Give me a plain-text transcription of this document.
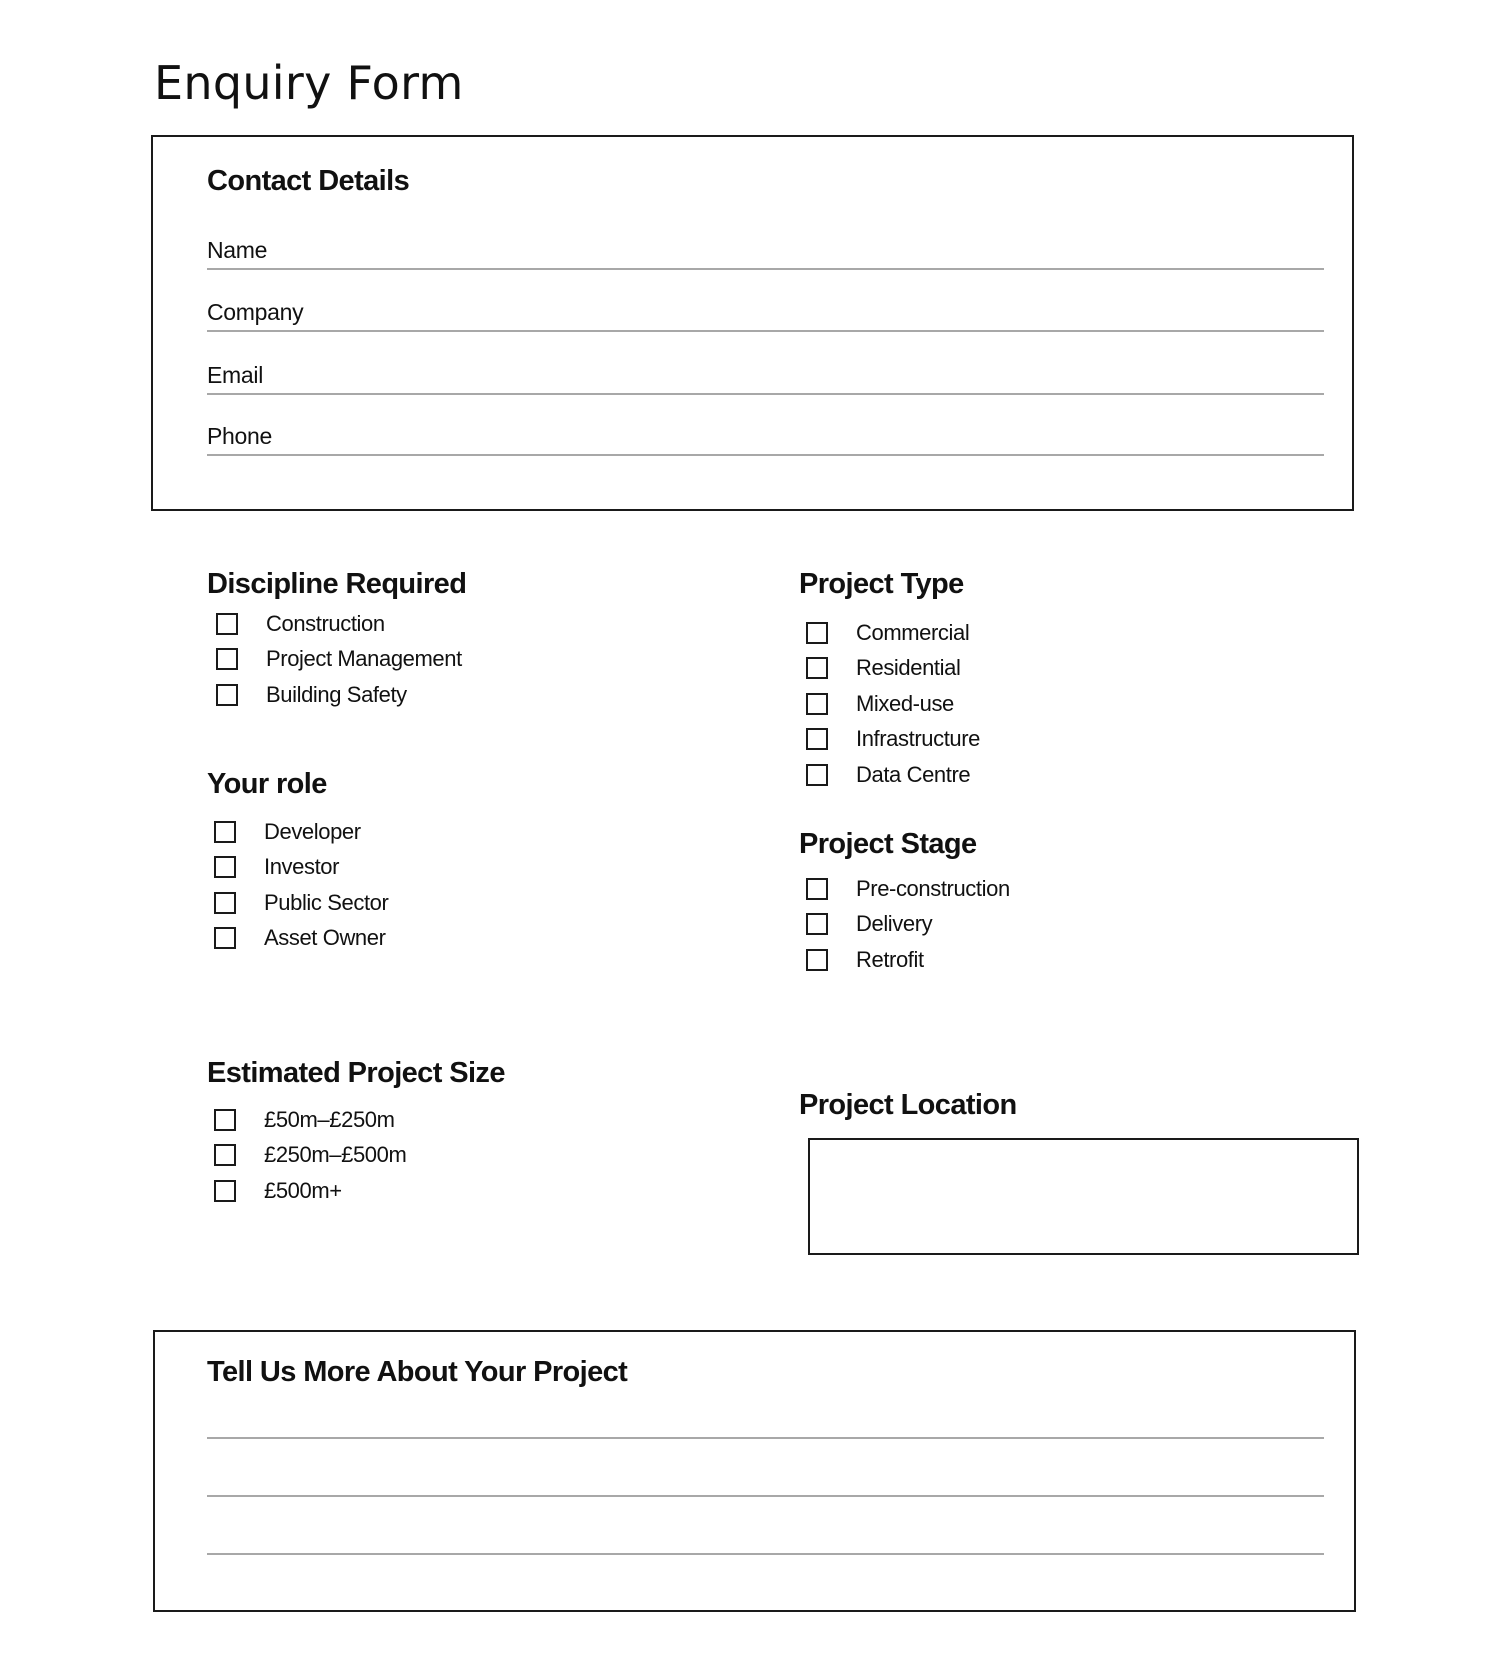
Enquiry Form
Contact Details
Name
Company
Email
Phone
Discipline Required
Construction
Project Management
Building Safety
Your role
Developer
Investor
Public Sector
Asset Owner
Estimated Project Size
£50m–£250m
£250m–£500m
£500m+
Project Type
Commercial
Residential
Mixed-use
Infrastructure
Data Centre
Project Stage
Pre-construction
Delivery
Retrofit
Project Location
Tell Us More About Your Project
